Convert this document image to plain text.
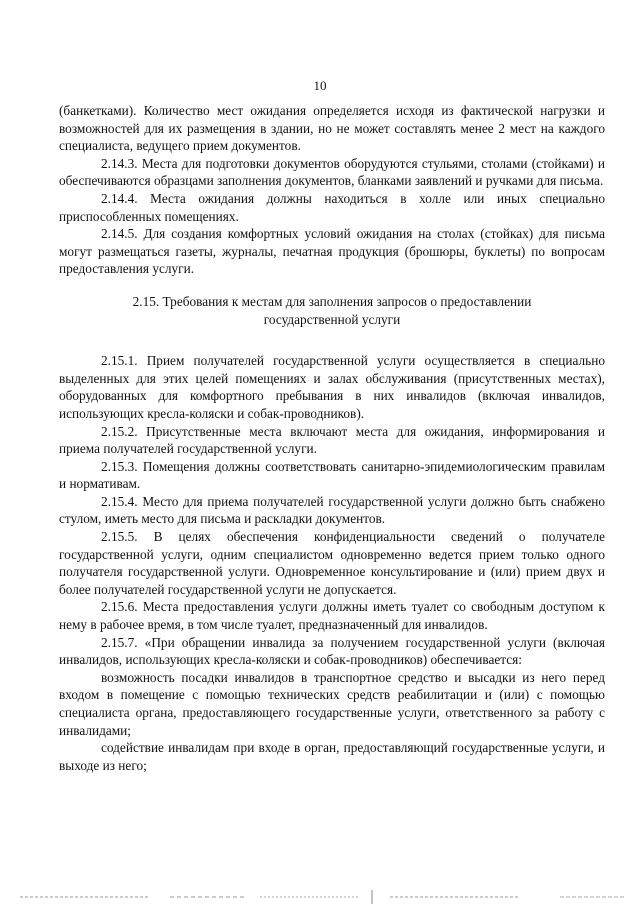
10

(банкетками). Количество мест ожидания определяется исходя из фактической нагрузки и возможностей для их размещения в здании, но не может составлять менее 2 мест на каждого специалиста, ведущего прием документов.

2.14.3. Места для подготовки документов оборудуются стульями, столами (стойками) и обеспечиваются образцами заполнения документов, бланками заявлений и ручками для письма.

2.14.4. Места ожидания должны находиться в холле или иных специально приспособленных помещениях.

2.14.5. Для создания комфортных условий ожидания на столах (стойках) для письма могут размещаться газеты, журналы, печатная продукция (брошюры, буклеты) по вопросам предоставления услуги.

2.15. Требования к местам для заполнения запросов о предоставлении
государственной услуги

2.15.1. Прием получателей государственной услуги осуществляется в специально выделенных для этих целей помещениях и залах обслуживания (присутственных местах), оборудованных для комфортного пребывания в них инвалидов (включая инвалидов, использующих кресла-коляски и собак-проводников).

2.15.2. Присутственные места включают места для ожидания, информирования и приема получателей государственной услуги.

2.15.3. Помещения должны соответствовать санитарно-эпидемиологическим правилам и нормативам.

2.15.4. Место для приема получателей государственной услуги должно быть снабжено стулом, иметь место для письма и раскладки документов.

2.15.5. В целях обеспечения конфиденциальности сведений о получателе государственной услуги, одним специалистом одновременно ведется прием только одного получателя государственной услуги. Одновременное консультирование и (или) прием двух и более получателей государственной услуги не допускается.

2.15.6. Места предоставления услуги должны иметь туалет со свободным доступом к нему в рабочее время, в том числе туалет, предназначенный для инвалидов.

2.15.7. «При обращении инвалида за получением государственной услуги (включая инвалидов, использующих кресла-коляски и собак-проводников) обеспечивается:

возможность посадки инвалидов в транспортное средство и высадки из него перед входом в помещение с помощью технических средств реабилитации и (или) с помощью специалиста органа, предоставляющего государственные услуги, ответственного за работу с инвалидами;

содействие инвалидам при входе в орган, предоставляющий государственные услуги, и выходе из него;
